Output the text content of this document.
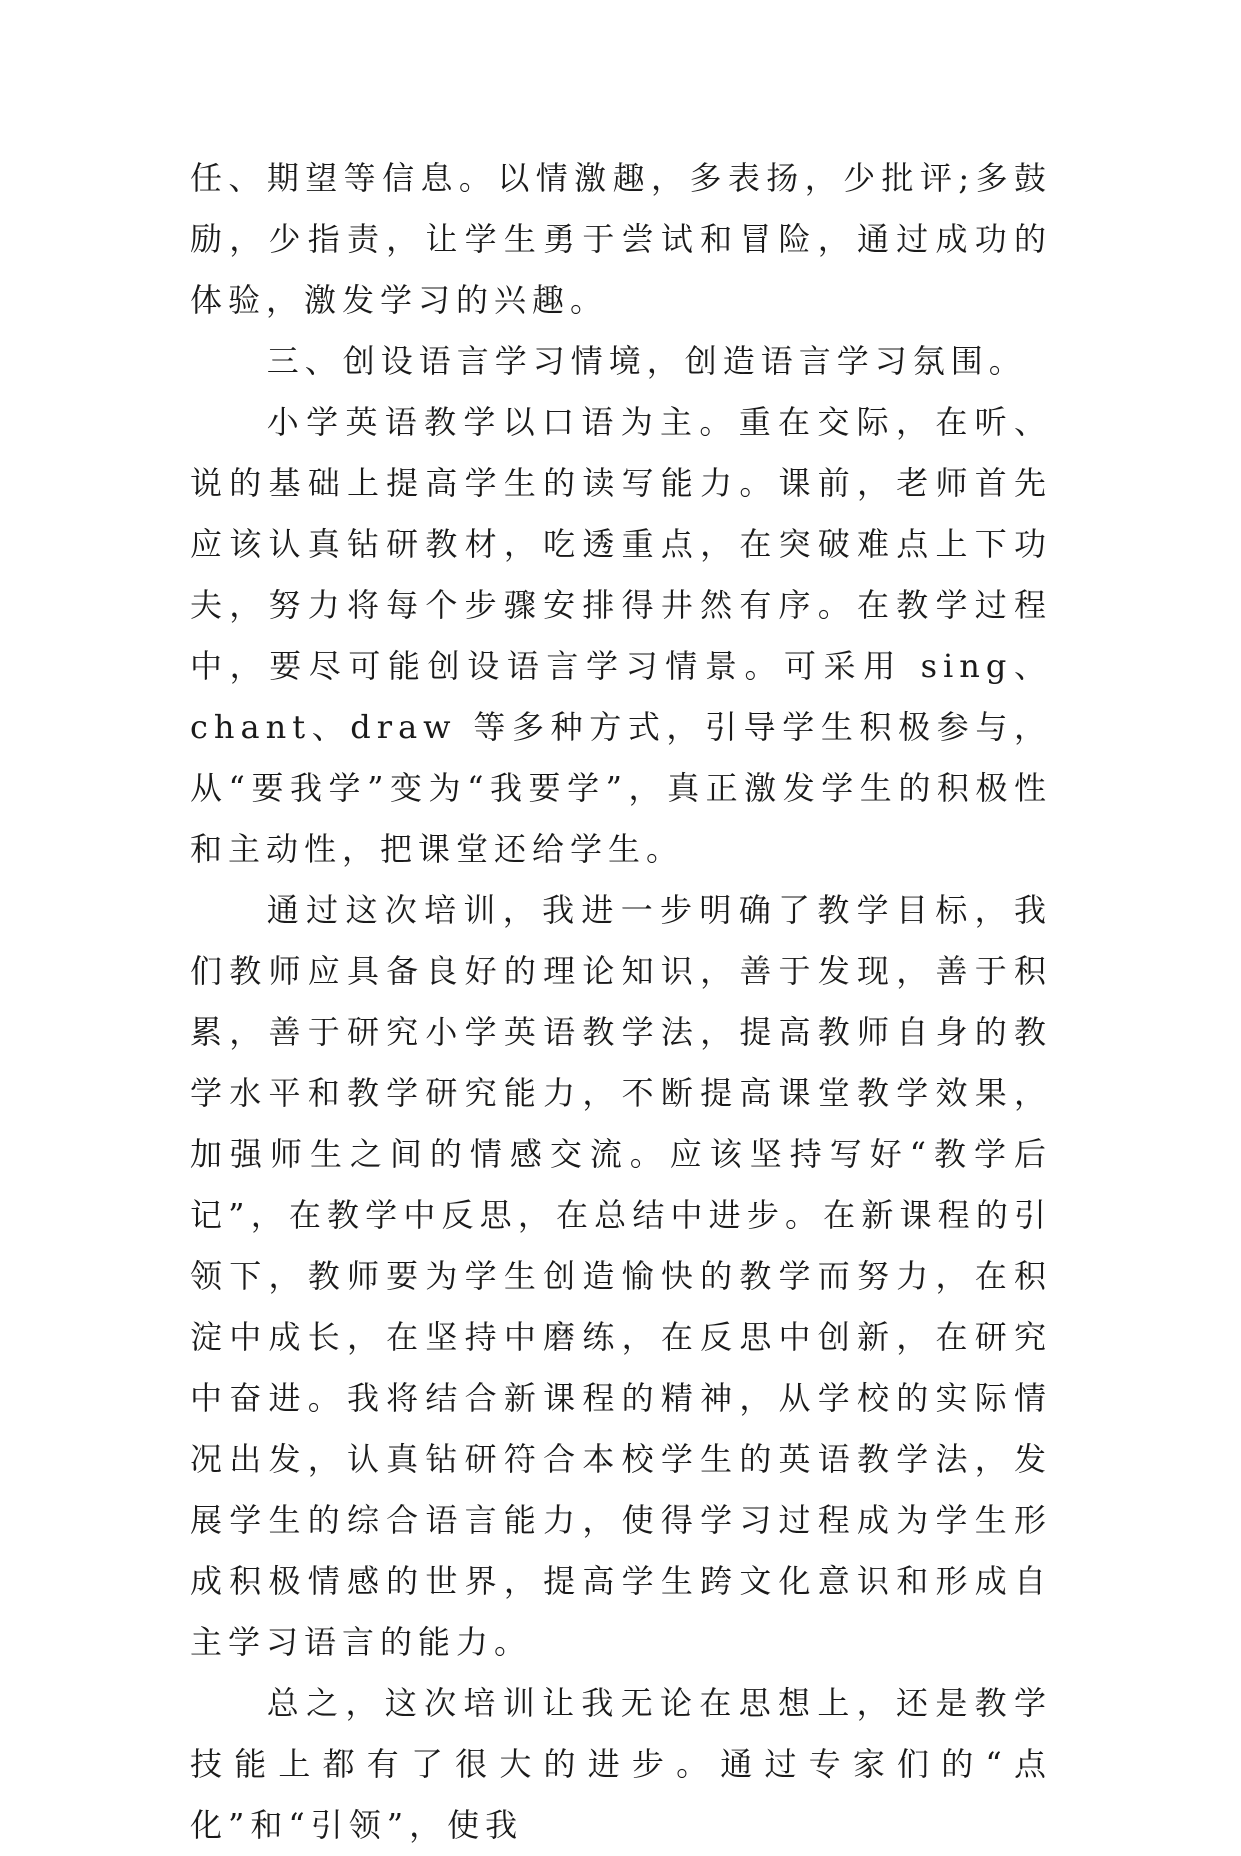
任、期望等信息。以情激趣，多表扬，少批评;多鼓励，少指责，让学生勇于尝试和冒险，通过成功的体验，激发学习的兴趣。

三、创设语言学习情境，创造语言学习氛围。

小学英语教学以口语为主。重在交际，在听、说的基础上提高学生的读写能力。课前，老师首先应该认真钻研教材，吃透重点，在突破难点上下功夫，努力将每个步骤安排得井然有序。在教学过程中，要尽可能创设语言学习情景。可采用 sing、chant、draw 等多种方式，引导学生积极参与，从“要我学”变为“我要学”，真正激发学生的积极性和主动性，把课堂还给学生。

通过这次培训，我进一步明确了教学目标，我们教师应具备良好的理论知识，善于发现，善于积累，善于研究小学英语教学法，提高教师自身的教学水平和教学研究能力，不断提高课堂教学效果，加强师生之间的情感交流。应该坚持写好“教学后记”，在教学中反思，在总结中进步。在新课程的引领下，教师要为学生创造愉快的教学而努力，在积淀中成长，在坚持中磨练，在反思中创新，在研究中奋进。我将结合新课程的精神，从学校的实际情况出发，认真钻研符合本校学生的英语教学法，发展学生的综合语言能力，使得学习过程成为学生形成积极情感的世界，提高学生跨文化意识和形成自主学习语言的能力。

总之，这次培训让我无论在思想上，还是教学技能上都有了很大的进步。通过专家们的“点化”和“引领”，使我
